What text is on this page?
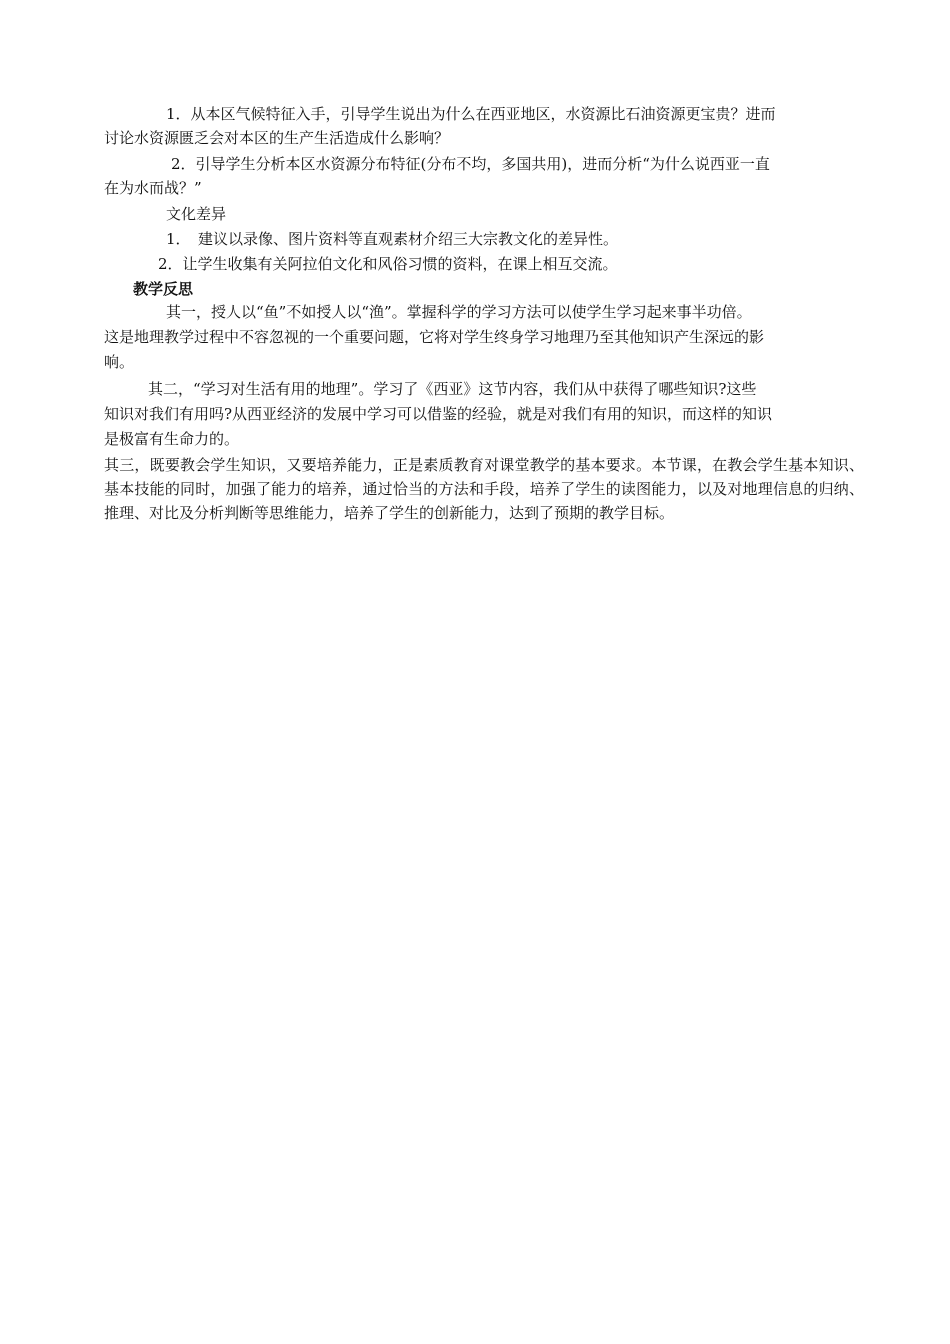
1．从本区气候特征入手，引导学生说出为什么在西亚地区，水资源比石油资源更宝贵？进而
讨论水资源匮乏会对本区的生产生活造成什么影响？
2．引导学生分析本区水资源分布特征(分布不均，多国共用)，进而分析“为什么说西亚一直
在为水而战？”
文化差异
1．　建议以录像、图片资料等直观素材介绍三大宗教文化的差异性。
2．让学生收集有关阿拉伯文化和风俗习惯的资料，在课上相互交流。
教学反思
其一，授人以“鱼”不如授人以“渔”。掌握科学的学习方法可以使学生学习起来事半功倍。
这是地理教学过程中不容忽视的一个重要问题，它将对学生终身学习地理乃至其他知识产生深远的影
响。
其二，“学习对生活有用的地理”。学习了《西亚》这节内容，我们从中获得了哪些知识?这些
知识对我们有用吗?从西亚经济的发展中学习可以借鉴的经验，就是对我们有用的知识，而这样的知识
是极富有生命力的。
其三，既要教会学生知识，又要培养能力，正是素质教育对课堂教学的基本要求。本节课，在教会学生基本知识、基本技能的同时，加强了能力的培养，通过恰当的方法和手段，培养了学生的读图能力，以及对地理信息的归纳、推理、对比及分析判断等思维能力，培养了学生的创新能力，达到了预期的教学目标。
